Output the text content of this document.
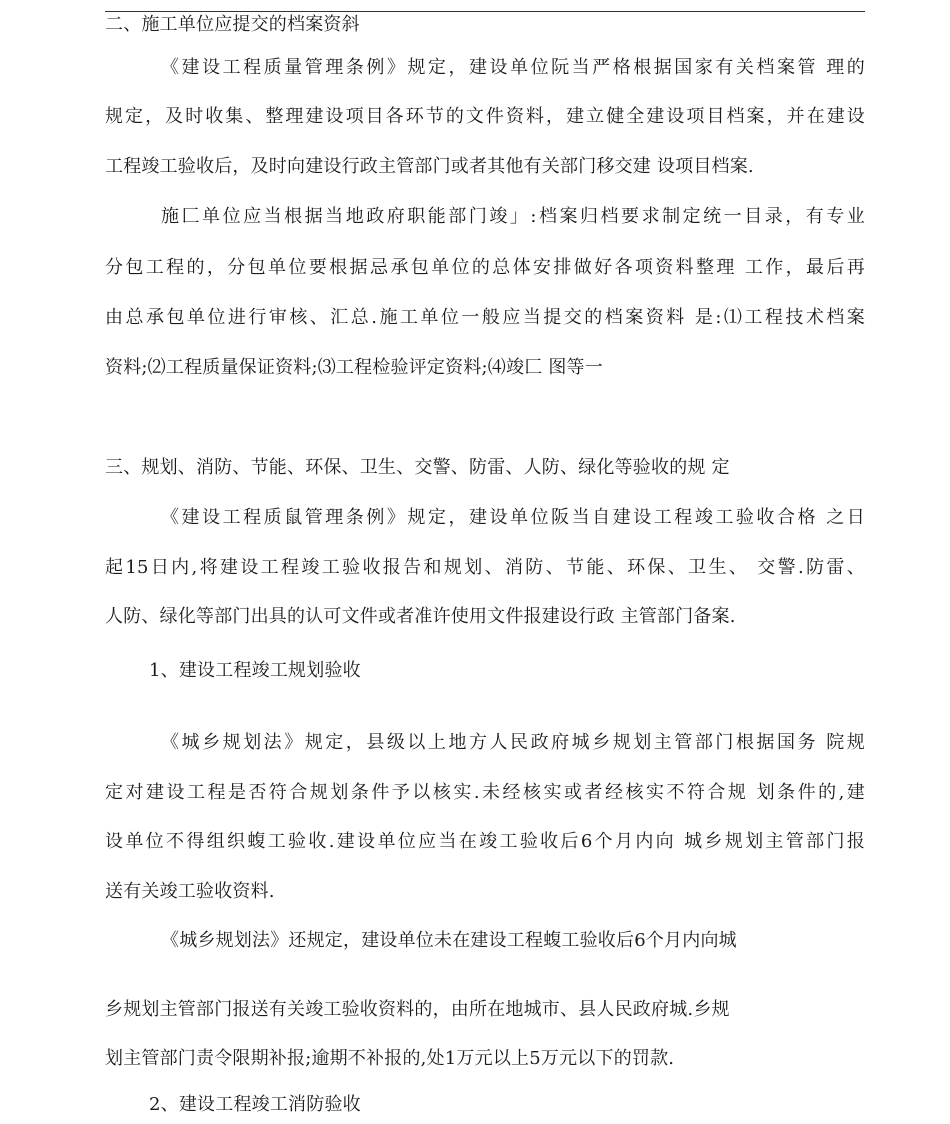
二、施工单位应提交的档案资斜
《建设工程质量管理条例》规定，建设单位阮当严格根据国家有关档案管 理的
规定，及时收集、整理建设项目各环节的文件资料，建立健全建设项目档案，并在建设
工程竣工验收后，及时向建设行政主管部门或者其他有关部门移交建 设项目档案.
施匚单位应当根据当地政府职能部门竣」:档案归档要求制定统一目录，有专业
分包工程的，分包单位要根据忌承包单位的总体安排做好各项资料整理 工作，最后再
由总承包单位进行审核、汇总.施工单位一般应当提交的档案资料 是:⑴工程技术档案
资料;⑵工程质量保证资料;⑶工程检验评定资料;⑷竣匚 图等一
三、规划、消防、节能、环保、卫生、交警、防雷、人防、绿化等验收的规 定
《建设工程质鼠管理条例》规定，建设单位阪当自建设工程竣工验收合格 之日
起15日内,将建设工程竣工验收报告和规划、消防、节能、环保、卫生、 交警.防雷、
人防、绿化等部门出具的认可文件或者准许使用文件报建设行政 主管部门备案.
1、建设工程竣工规划验收
《城乡规划法》规定，县级以上地方人民政府城乡规划主管部门根据国务 院规
定对建设工程是否符合规划条件予以核实.未经核实或者经核实不符合规 划条件的,建
设单位不得组织蝮工验收.建设单位应当在竣工验收后6个月内向 城乡规划主管部门报
送有关竣工验收资料.
《城乡规划法》还规定，建设单位未在建设工程蝮工验收后6个月内向城
乡规划主管部门报送有关竣工验收资料的，由所在地城市、县人民政府城.乡规
划主管部门责令限期补报;逾期不补报的,处1万元以上5万元以下的罚款.
2、建设工程竣工消防验收
